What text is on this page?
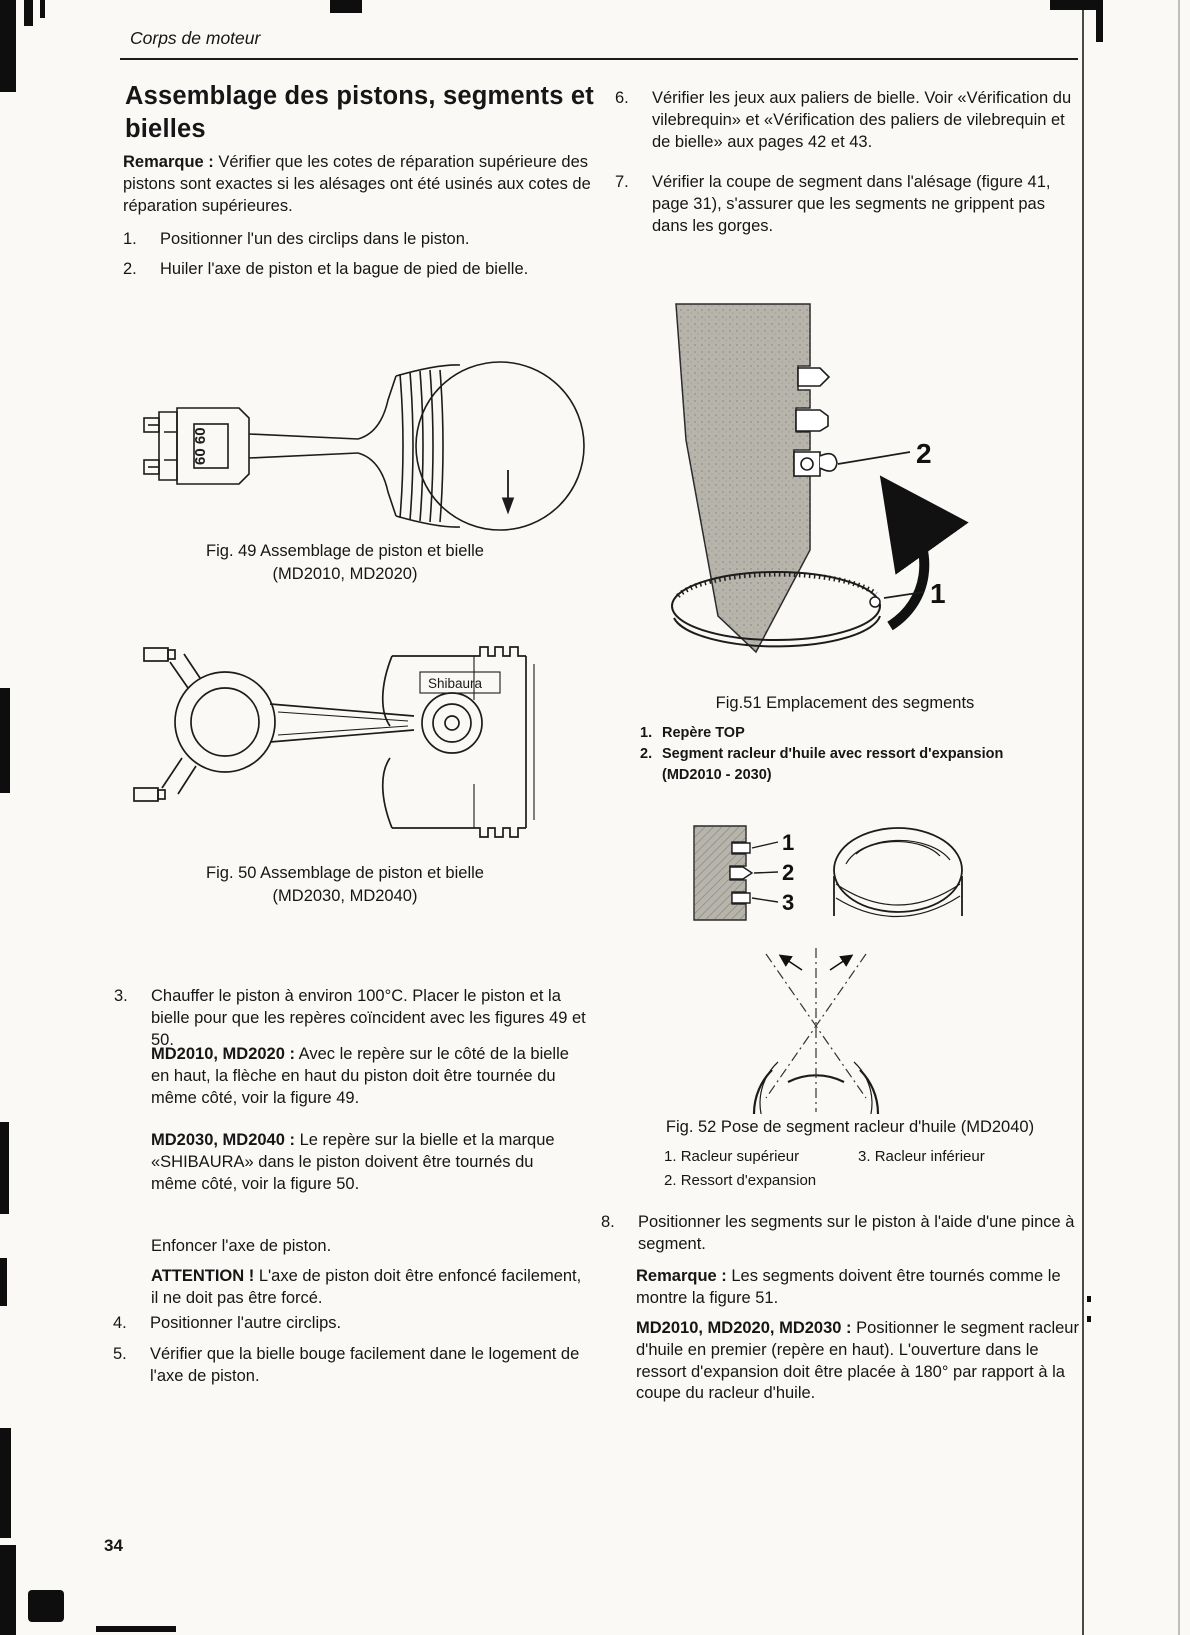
Corps de moteur
Assemblage des pistons, segments et bielles
Remarque : Vérifier que les cotes de réparation supérieure des pistons sont exactes si les alésages ont été usinés aux cotes de réparation supérieures.
1.	Positionner l'un des circlips dans le piston.
2.	Huiler l'axe de piston et la bague de pied de bielle.
60 60
Fig. 49 Assemblage de piston et bielle
(MD2010, MD2020)
Shibaura
Fig. 50 Assemblage de piston et bielle
(MD2030, MD2040)
3.	Chauffer le piston à environ 100°C. Placer le piston et la bielle pour que les repères coïncident avec les figures 49 et 50.
MD2010, MD2020 : Avec le repère sur le côté de la bielle en haut, la flèche en haut du piston doit être tournée du même côté, voir la figure 49.
MD2030, MD2040 : Le repère sur la bielle et la marque «SHIBAURA» dans le piston doivent être tournés du même côté, voir la figure 50.
Enfoncer l'axe de piston.
ATTENTION ! L'axe de piston doit être enfoncé facilement, il ne doit pas être forcé.
4.	Positionner l'autre circlips.
5.	Vérifier que la bielle bouge facilement dane le logement de l'axe de piston.
6.	Vérifier les jeux aux paliers de bielle. Voir «Vérification du vilebrequin» et «Vérification des paliers de vilebrequin et de bielle» aux pages 42 et 43.
7.	Vérifier la coupe de segment dans l'alésage (figure 41, page 31), s'assurer que les segments ne grippent pas dans les gorges.
2
1
Fig.51 Emplacement des segments
1. Repère TOP
2. Segment racleur d'huile avec ressort d'expansion (MD2010 - 2030)
1
2
3
Fig. 52 Pose de segment racleur d'huile (MD2040)
1. Racleur supérieur	3. Racleur inférieur
2. Ressort d'expansion
8.	Positionner les segments sur le piston à l'aide d'une pince à segment.
Remarque : Les segments doivent être tournés comme le montre la figure 51.
MD2010, MD2020, MD2030 : Positionner le segment racleur d'huile en premier (repère en haut). L'ouverture dans le ressort d'expansion doit être placée à 180° par rapport à la coupe du racleur d'huile.
34
